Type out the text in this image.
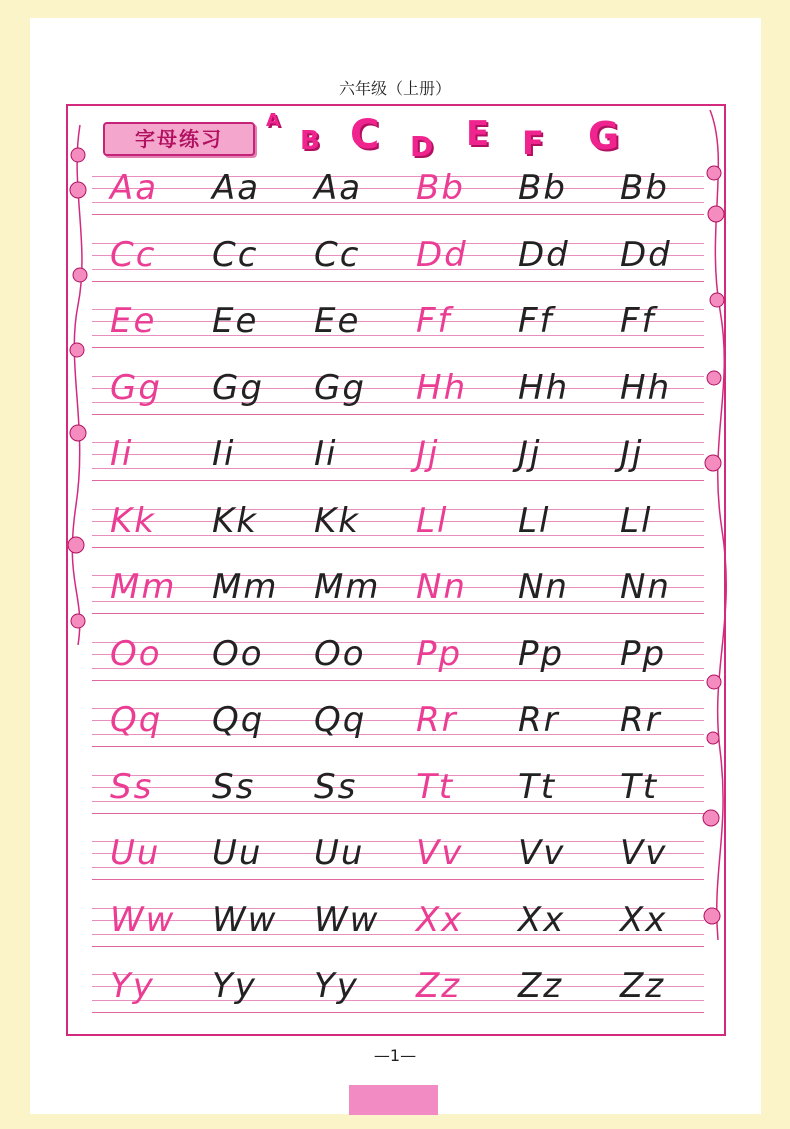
六年级（上册）
字母练习
A
B C D E F G
Aa Aa Aa Bb Bb Bb
Cc Cc Cc Dd Dd Dd
Ee Ee Ee Ff Ff Ff
Gg Gg Gg Hh Hh Hh
Ii Ii Ii Jj Jj Jj
Kk Kk Kk Ll Ll Ll
Mm Mm Mm Nn Nn Nn
Oo Oo Oo Pp Pp Pp
Qq Qq Qq Rr Rr Rr
Ss Ss Ss Tt Tt Tt
Uu Uu Uu Vv Vv Vv
Ww Ww Ww Xx Xx Xx
Yy Yy Yy Zz Zz Zz
—1—
